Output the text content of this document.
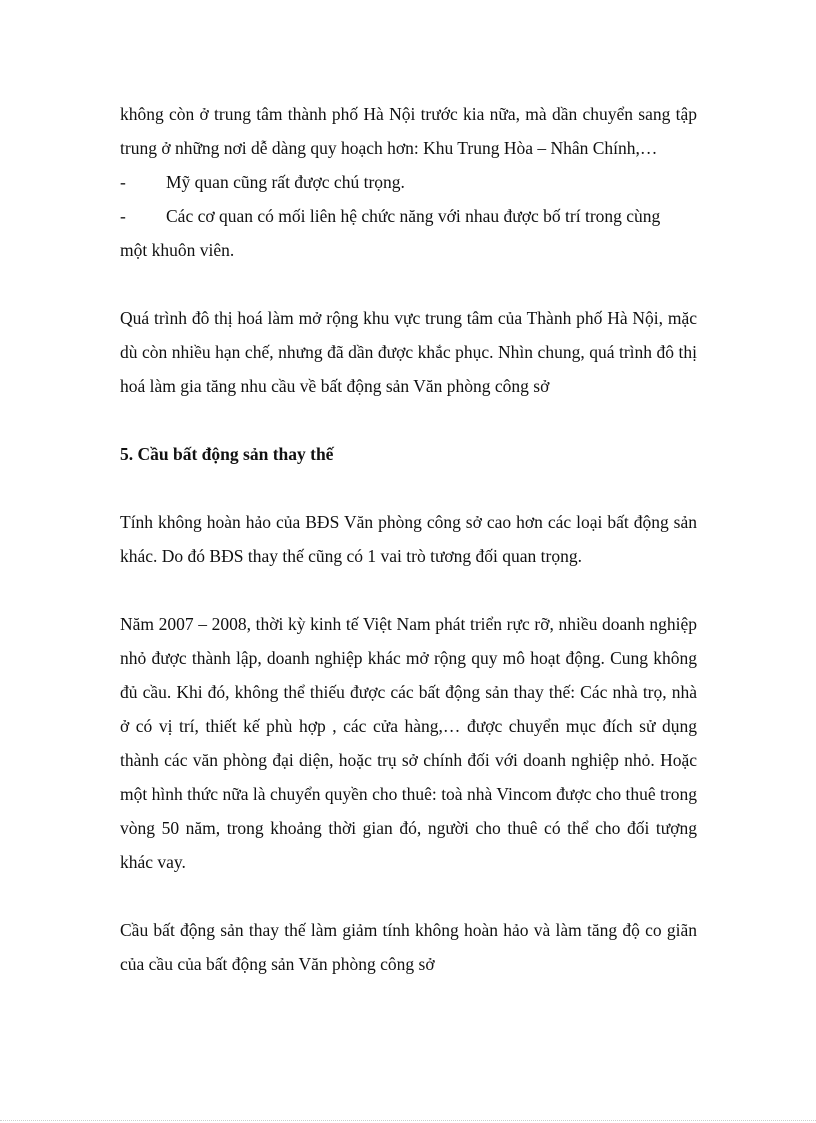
không còn ở trung tâm thành phố Hà Nội trước kia nữa, mà dần chuyển sang tập trung ở những nơi dễ dàng quy hoạch hơn: Khu Trung Hòa – Nhân Chính,…

-	Mỹ quan cũng rất được chú trọng.
-	Các cơ quan có mối liên hệ chức năng với nhau được bố trí trong cùng

một khuôn viên.

Quá trình đô thị hoá làm mở rộng khu vực trung tâm của Thành phố Hà Nội, mặc dù còn nhiều hạn chế, nhưng đã dần được khắc phục. Nhìn chung, quá trình đô thị hoá làm gia tăng nhu cầu về bất động sản Văn phòng công sở

5. Cầu bất động sản thay thế

Tính không hoàn hảo của BĐS Văn phòng công sở cao hơn các loại bất động sản khác. Do đó BĐS thay thế cũng có 1 vai trò tương đối quan trọng.

Năm 2007 – 2008, thời kỳ kinh tế Việt Nam phát triển rực rỡ, nhiều doanh nghiệp nhỏ được thành lập, doanh nghiệp khác mở rộng quy mô hoạt động. Cung không đủ cầu. Khi đó, không thể thiếu được các bất động sản thay thế: Các nhà trọ, nhà ở có vị trí, thiết kế phù hợp , các cửa hàng,… được chuyển mục đích sử dụng thành các văn phòng đại diện, hoặc trụ sở chính đối với doanh nghiệp nhỏ. Hoặc một hình thức nữa là chuyển quyền cho thuê: toà nhà Vincom được cho thuê trong vòng 50 năm, trong khoảng thời gian đó, người cho thuê có thể cho đối tượng khác vay.

Cầu bất động sản thay thế làm giảm tính không hoàn hảo và làm tăng độ co giãn của cầu của bất động sản Văn phòng công sở
